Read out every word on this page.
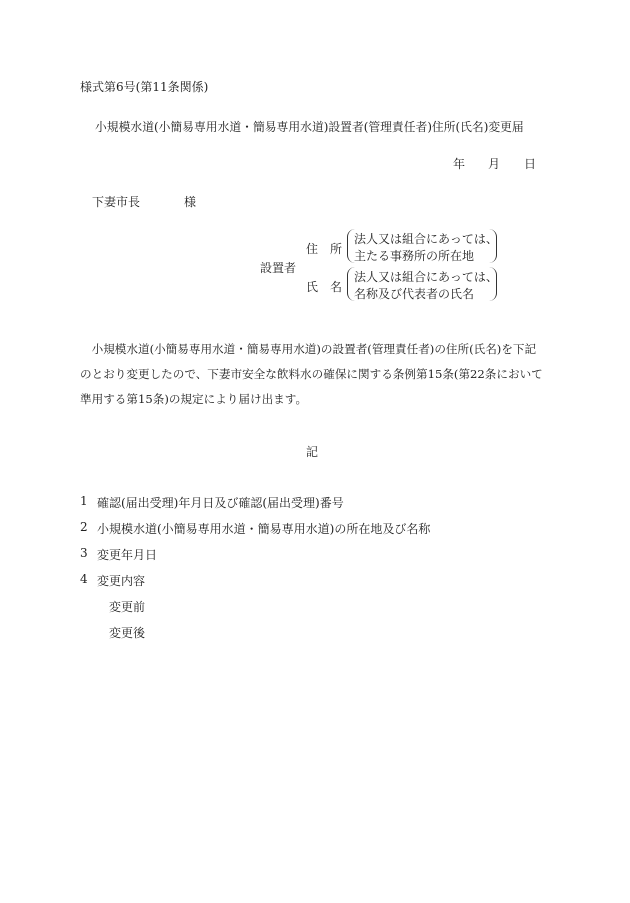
様式第6号(第11条関係)
小規模水道(小簡易専用水道・簡易専用水道)設置者(管理責任者)住所(氏名)変更届
年 月 日
下妻市長	様
設置者
住　所
法人又は組合にあっては、
主たる事務所の所在地
氏　名
法人又は組合にあっては、
名称及び代表者の氏名
　小規模水道(小簡易専用水道・簡易専用水道)の設置者(管理責任者)の住所(氏名)を下記
のとおり変更したので、下妻市安全な飲料水の確保に関する条例第15条(第22条において
準用する第15条)の規定により届け出ます。
記
1 確認(届出受理)年月日及び確認(届出受理)番号
2 小規模水道(小簡易専用水道・簡易専用水道)の所在地及び名称
3 変更年月日
4 変更内容
変更前
変更後
